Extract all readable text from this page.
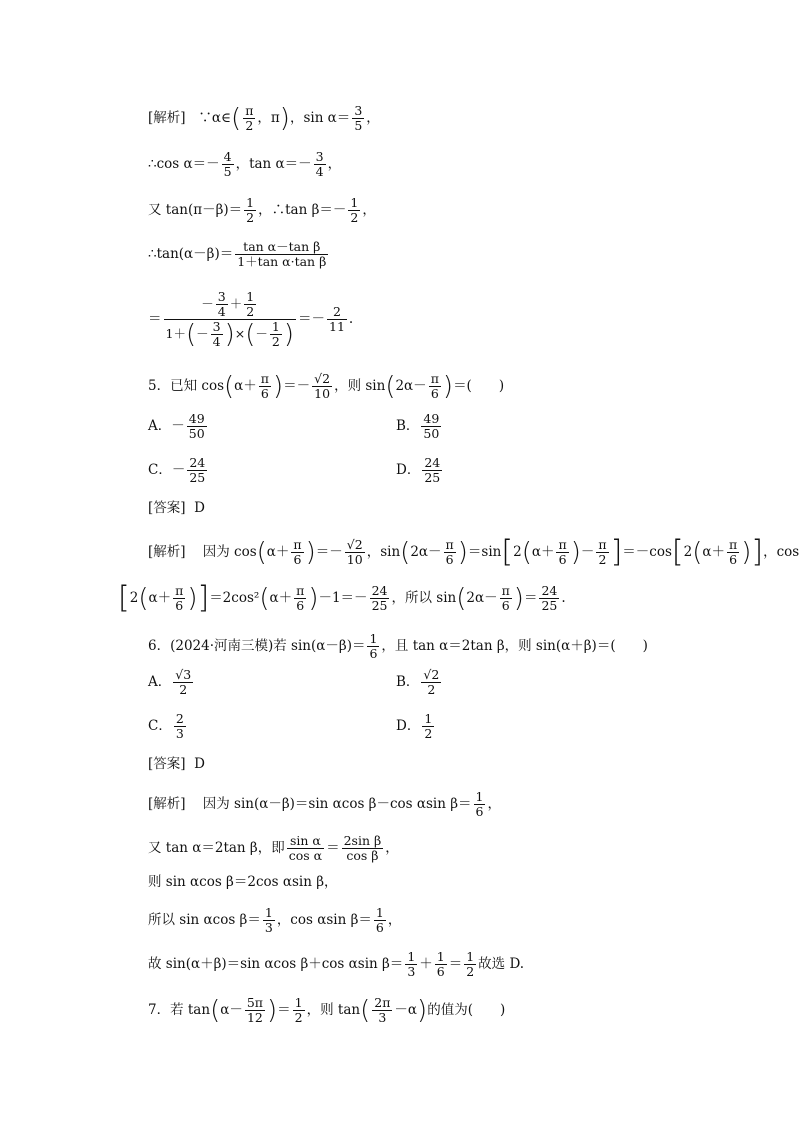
[解析] ∵α∈( $\frac{\pi}{2}$ ，π)，$\sin \alpha= \frac{3}{5}$ ，
∴cos $\alpha=- \frac{4}{5}$ ，$\tan \alpha=- \frac{3}{4}$ ，
又 $\tan(\pi-\beta)= \frac{1}{2}$ ，∴tan $\beta=- \frac{1}{2}$ ，
∴tan(α－β)＝ $\frac{\text{tan α－tan β}}{\text{1＋tan α·tan β}}$
＝ $\frac{- \frac{3}{4} + \frac{1}{2}}{1+(- \frac{3}{4} )\times(- \frac{1}{2} )} =- \frac{2}{11}$ .
5．已知 $\cos(\alpha+ \frac{\pi}{6}$ )＝－ $\frac{√2}{10}$ ，则 $\sin(2\alpha- \frac{\pi}{6}$ )＝(　　)
A．－ $\frac{49}{50}$	B． $\frac{49}{50}$
C．－ $\frac{24}{25}$	D． $\frac{24}{25}$
[答案] D
[解析] 因为 $\cos(\alpha+ \frac{\pi}{6}$ )＝－ $\frac{√2}{10}$ ，$\sin(2\alpha- \frac{\pi}{6} )=\sin[2(\alpha+ \frac{\pi}{6}$ )－ $\frac{\pi}{2} ]=-\cos[2(\alpha+ \frac{\pi}{6}$ )]，cos
$[2(\alpha+ \frac{\pi}{6} )]=2\cos^2(\alpha+ \frac{\pi}{6} )-1=- \frac{24}{25}$ ，所以 $\sin(2\alpha- \frac{\pi}{6}$ )＝ $\frac{24}{25}$ .
6．(2024·河南三模)若 $\sin(\alpha-\beta)= \frac{1}{6}$ ，且 tan α＝2tan β，则 sin(α＋β)＝(　　)
A． $\frac{√3}{2}$	B． $\frac{√2}{2}$
C． $\frac{2}{3}$	D． $\frac{1}{2}$
[答案] D
[解析] 因为 sin(α－β)＝sin αcos β－cos αsin $\beta= \frac{1}{6}$ ，
又 tan α＝2tan β，即 $\frac{\text{sin α}}{\text{cos α}} = \frac{\text{2sin β}}{\text{cos β}}$ ，
则 sin αcos β＝2cos αsin β，
所以 sin αcos $\beta= \frac{1}{3}$ ，cos αsin $\beta= \frac{1}{6}$ ，
故 sin(α＋β)＝sin αcos β＋cos αsin $\beta= \frac{1}{3} + \frac{1}{6} = \frac{1}{2}$ 故选 D.
7．若 $\tan(\alpha- \frac{5\pi}{12}$ )＝ $\frac{1}{2}$ ，则 $\tan( \frac{2\pi}{3} -\alpha)$的值为(　　)
